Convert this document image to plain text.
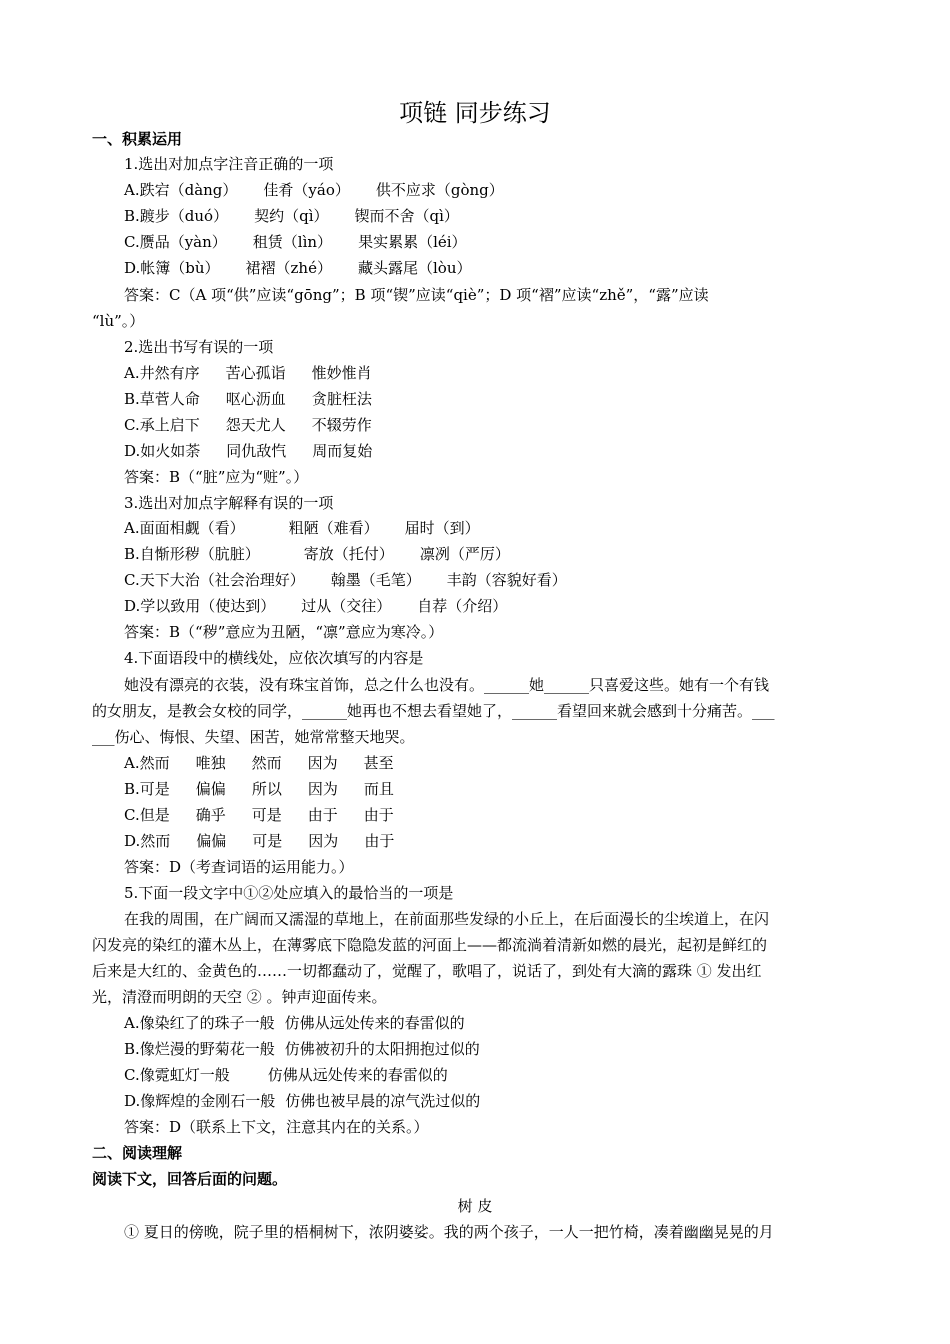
项链 同步练习
一、积累运用
1.选出对加点字注音正确的一项
A.跌宕（dàng） 佳肴（yáo） 供不应求（gòng）
B.踱步（duó） 契约（qì） 锲而不舍（qì）
C.赝品（yàn） 租赁（lìn） 果实累累（léi）
D.帐簿（bù） 裙褶（zhé） 藏头露尾（lòu）
答案：C（A 项“供”应读“gōng”；B 项“锲”应读“qiè”；D 项“褶”应读“zhě”，“露”应读
“lù”。）
2.选出书写有误的一项
A.井然有序 苦心孤诣 惟妙惟肖
B.草菅人命 呕心沥血 贪脏枉法
C.承上启下 怨天尤人 不辍劳作
D.如火如荼 同仇敌忾 周而复始
答案：B（“脏”应为“赃”。）
3.选出对加点字解释有误的一项
A.面面相觑（看）	粗陋（难看） 届时（到）
B.自惭形秽（肮脏）	寄放（托付） 凛冽（严厉）
C.天下大治（社会治理好） 翰墨（毛笔） 丰韵（容貌好看）
D.学以致用（使达到） 过从（交往） 自荐（介绍）
答案：B（“秽”意应为丑陋，“凛”意应为寒冷。）
4.下面语段中的横线处，应依次填写的内容是
她没有漂亮的衣装，没有珠宝首饰，总之什么也没有。______她______只喜爱这些。她有一个有钱
的女朋友，是教会女校的同学，______她再也不想去看望她了，______看望回来就会感到十分痛苦。___
___伤心、悔恨、失望、困苦，她常常整天地哭。
A.然而 唯独 然而 因为 甚至
B.可是 偏偏 所以 因为 而且
C.但是 确乎 可是 由于 由于
D.然而 偏偏 可是 因为 由于
答案：D（考查词语的运用能力。）
5.下面一段文字中①②处应填入的最恰当的一项是
在我的周围，在广阔而又濡湿的草地上，在前面那些发绿的小丘上，在后面漫长的尘埃道上，在闪
闪发亮的染红的灌木丛上，在薄雾底下隐隐发蓝的河面上——都流淌着清新如燃的晨光，起初是鲜红的
后来是大红的、金黄色的……一切都蠢动了，觉醒了，歌唱了，说话了，到处有大滴的露珠 ① 发出红
光，清澄而明朗的天空 ② 。钟声迎面传来。
A.像染红了的珠子一般 仿佛从远处传来的春雷似的
B.像烂漫的野菊花一般 仿佛被初升的太阳拥抱过似的
C.像霓虹灯一般	仿佛从远处传来的春雷似的
D.像辉煌的金刚石一般 仿佛也被早晨的凉气洗过似的
答案：D（联系上下文，注意其内在的关系。）
二、阅读理解
阅读下文，回答后面的问题。
树 皮
① 夏日的傍晚，院子里的梧桐树下，浓阴婆娑。我的两个孩子，一人一把竹椅，凑着幽幽晃晃的月
